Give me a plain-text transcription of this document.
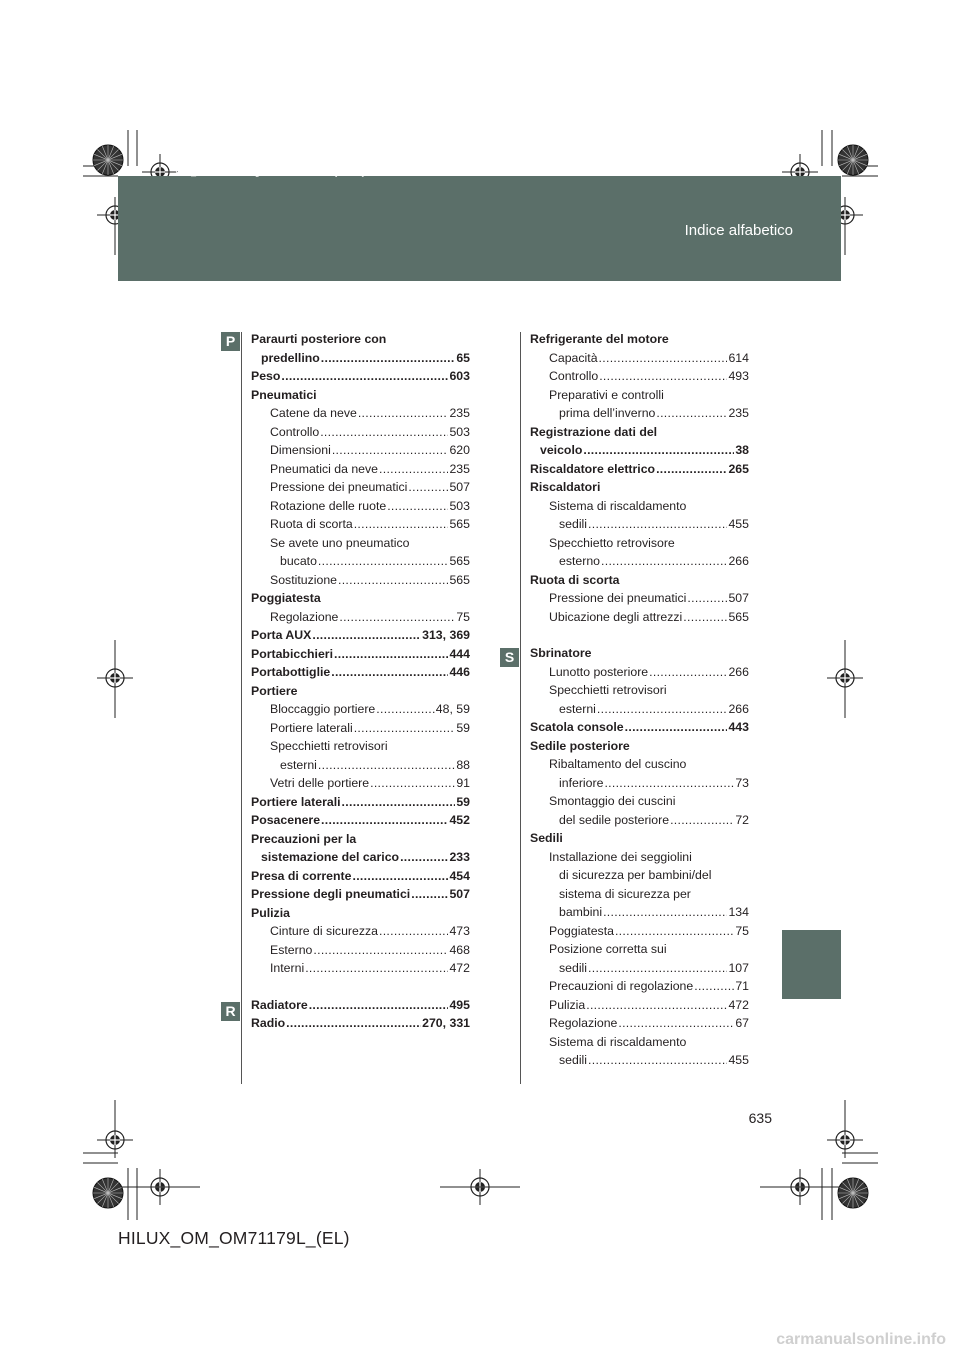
Indice alfabetico
sec_08-02.fm Page 635 Wednesday, May 16, 2012 1:43 PM
P
R
S
Paraurti posteriore con
predellino .....	65
Peso .....	603
Pneumatici
Catene da neve .....	235
Controllo .....	503
Dimensioni .....	620
Pneumatici da neve .....	235
Pressione dei pneumatici .....	507
Rotazione delle ruote .....	503
Ruota di scorta .....	565
Se avete uno pneumatico
bucato .....	565
Sostituzione .....	565
Poggiatesta
Regolazione .....	75
Porta AUX .....	313, 369
Portabicchieri .....	444
Portabottiglie .....	446
Portiere
Bloccaggio portiere .....	48, 59
Portiere laterali .....	59
Specchietti retrovisori
esterni .....	88
Vetri delle portiere .....	91
Portiere laterali .....	59
Posacenere .....	452
Precauzioni per la
sistemazione del carico .....	233
Presa di corrente .....	454
Pressione degli pneumatici .....	507
Pulizia
Cinture di sicurezza .....	473
Esterno .....	468
Interni .....	472
Radiatore .....	495
Radio .....	270, 331
Refrigerante del motore
Capacità .....	614
Controllo .....	493
Preparativi e controlli
prima dell’inverno .....	235
Registrazione dati del
veicolo .....	38
Riscaldatore elettrico .....	265
Riscaldatori
Sistema di riscaldamento
sedili .....	455
Specchietto retrovisore
esterno .....	266
Ruota di scorta
Pressione dei pneumatici .....	507
Ubicazione degli attrezzi .....	565
Sbrinatore
Lunotto posteriore .....	266
Specchietti retrovisori
esterni .....	266
Scatola console .....	443
Sedile posteriore
Ribaltamento del cuscino
inferiore .....	73
Smontaggio dei cuscini
del sedile posteriore .....	72
Sedili
Installazione dei seggiolini
di sicurezza per bambini/del
sistema di sicurezza per
bambini .....	134
Poggiatesta .....	75
Posizione corretta sui
sedili .....	107
Precauzioni di regolazione .....	71
Pulizia .....	472
Regolazione .....	67
Sistema di riscaldamento
sedili .....	455
635
HILUX_OM_OM71179L_(EL)
carmanualsonline.info
